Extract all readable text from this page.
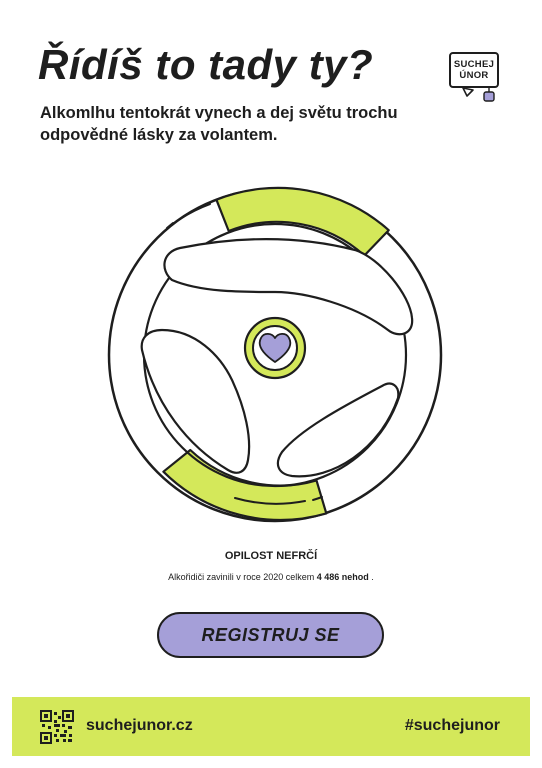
Řídíš to tady ty?
Alkomlhu tentokrát vynech a dej světu trochu odpovědné lásky za volantem.
SUCHEJ
ÚNOR
OPILOST NEFRČÍ
Alkořidiči zavinili v roce 2020 celkem 4 486 nehod .
REGISTRUJ SE
suchejunor.cz	#suchejunor
